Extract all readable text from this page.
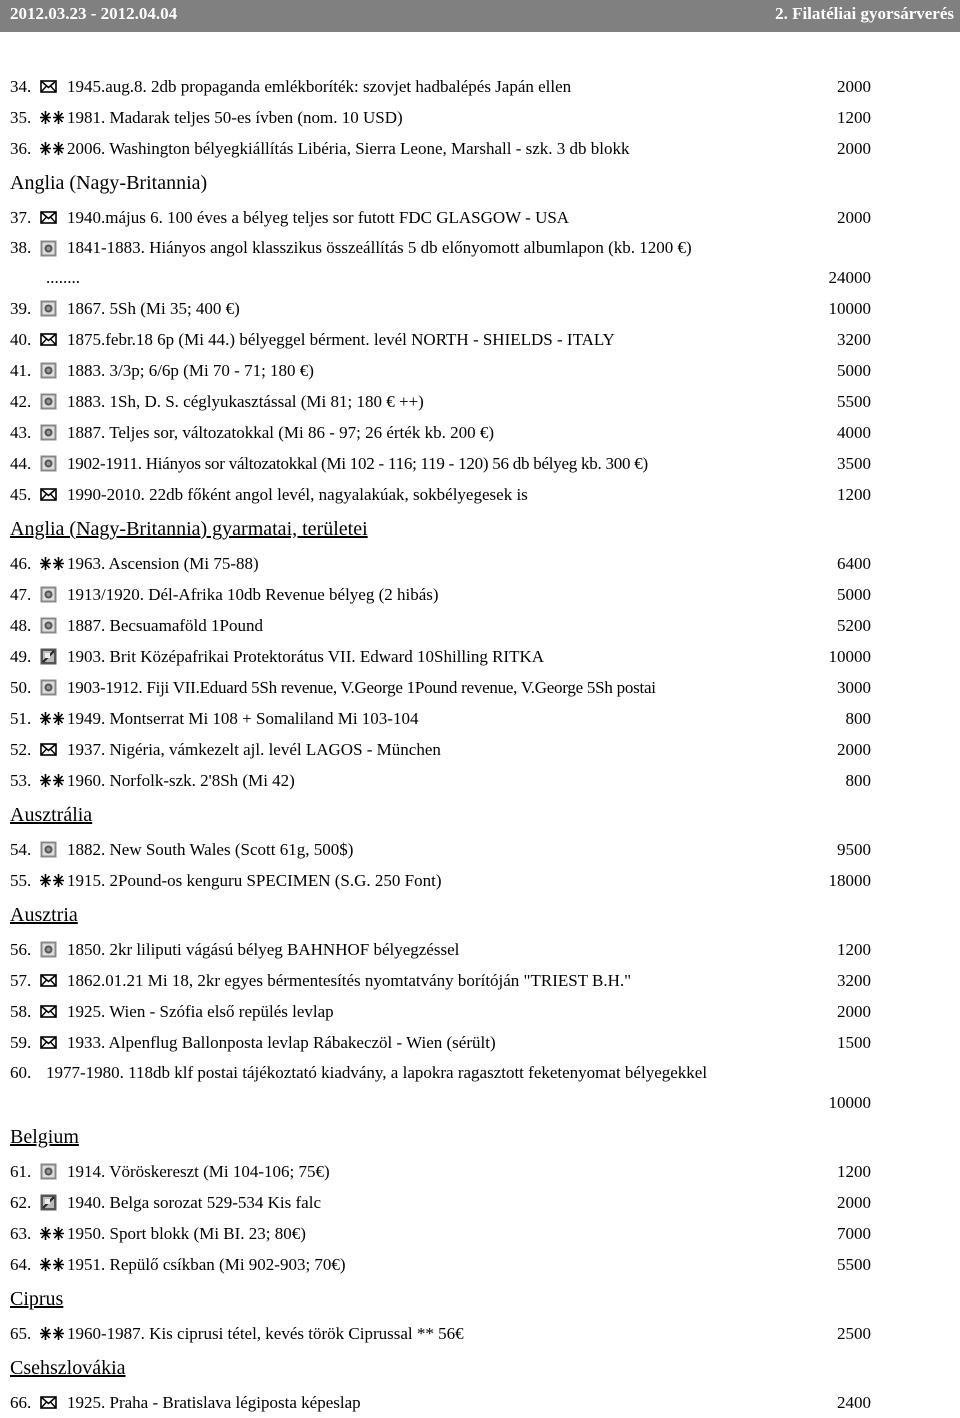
2012.03.23 - 2012.04.04	2. Filatéliai gyorsárverés
34. 1945.aug.8. 2db propaganda emlékboríték: szovjet hadbalépés Japán ellen	2000
35. 1981. Madarak teljes 50-es ívben (nom. 10 USD)	1200
36. 2006. Washington bélyegkiállítás Libéria, Sierra Leone, Marshall - szk. 3 db blokk	2000
Anglia (Nagy-Britannia)
37. 1940.május 6. 100 éves a bélyeg teljes sor futott FDC GLASGOW - USA	2000
38. 1841-1883. Hiányos angol klasszikus összeállítás 5 db előnyomott albumlapon (kb. 1200 €)
........	24000
39. 1867. 5Sh (Mi 35; 400 €)	10000
40. 1875.febr.18 6p (Mi 44.) bélyeggel bérment. levél NORTH - SHIELDS - ITALY	3200
41. 1883. 3/3p; 6/6p (Mi 70 - 71; 180 €)	5000
42. 1883. 1Sh, D. S. céglyukasztással (Mi 81; 180 € ++)	5500
43. 1887. Teljes sor, változatokkal (Mi 86 - 97; 26 érték kb. 200 €)	4000
44. 1902-1911. Hiányos sor változatokkal (Mi 102 - 116; 119 - 120) 56 db bélyeg kb. 300 €)	3500
45. 1990-2010. 22db főként angol levél, nagyalakúak, sokbélyegesek is	1200
Anglia (Nagy-Britannia) gyarmatai, területei
46. 1963. Ascension (Mi 75-88)	6400
47. 1913/1920. Dél-Afrika 10db Revenue bélyeg (2 hibás)	5000
48. 1887. Becsuamaföld 1Pound	5200
49. 1903. Brit Középafrikai Protektorátus VII. Edward 10Shilling RITKA	10000
50. 1903-1912. Fiji VII.Eduard 5Sh revenue, V.George 1Pound revenue, V.George 5Sh postai	3000
51. 1949. Montserrat Mi 108 + Somaliland Mi 103-104	800
52. 1937. Nigéria, vámkezelt ajl. levél LAGOS - München	2000
53. 1960. Norfolk-szk. 2'8Sh (Mi 42)	800
Ausztrália
54. 1882. New South Wales (Scott 61g, 500$)	9500
55. 1915. 2Pound-os kenguru SPECIMEN (S.G. 250 Font)	18000
Ausztria
56. 1850. 2kr liliputi vágású bélyeg BAHNHOF bélyegzéssel	1200
57. 1862.01.21 Mi 18, 2kr egyes bérmentesítés nyomtatvány borítóján "TRIEST B.H."	3200
58. 1925. Wien - Szófia első repülés levlap	2000
59. 1933. Alpenflug Ballonposta levlap Rábakeczöl - Wien (sérült)	1500
60. 1977-1980. 118db klf postai tájékoztató kiadvány, a lapokra ragasztott feketenyomat bélyegekkel
10000
Belgium
61. 1914. Vöröskereszt (Mi 104-106; 75€)	1200
62. 1940. Belga sorozat 529-534 Kis falc	2000
63. 1950. Sport blokk (Mi BI. 23; 80€)	7000
64. 1951. Repülő csíkban (Mi 902-903; 70€)	5500
Ciprus
65. 1960-1987. Kis ciprusi tétel, kevés török Ciprussal ** 56€	2500
Csehszlovákia
66. 1925. Praha - Bratislava légiposta képeslap	2400
